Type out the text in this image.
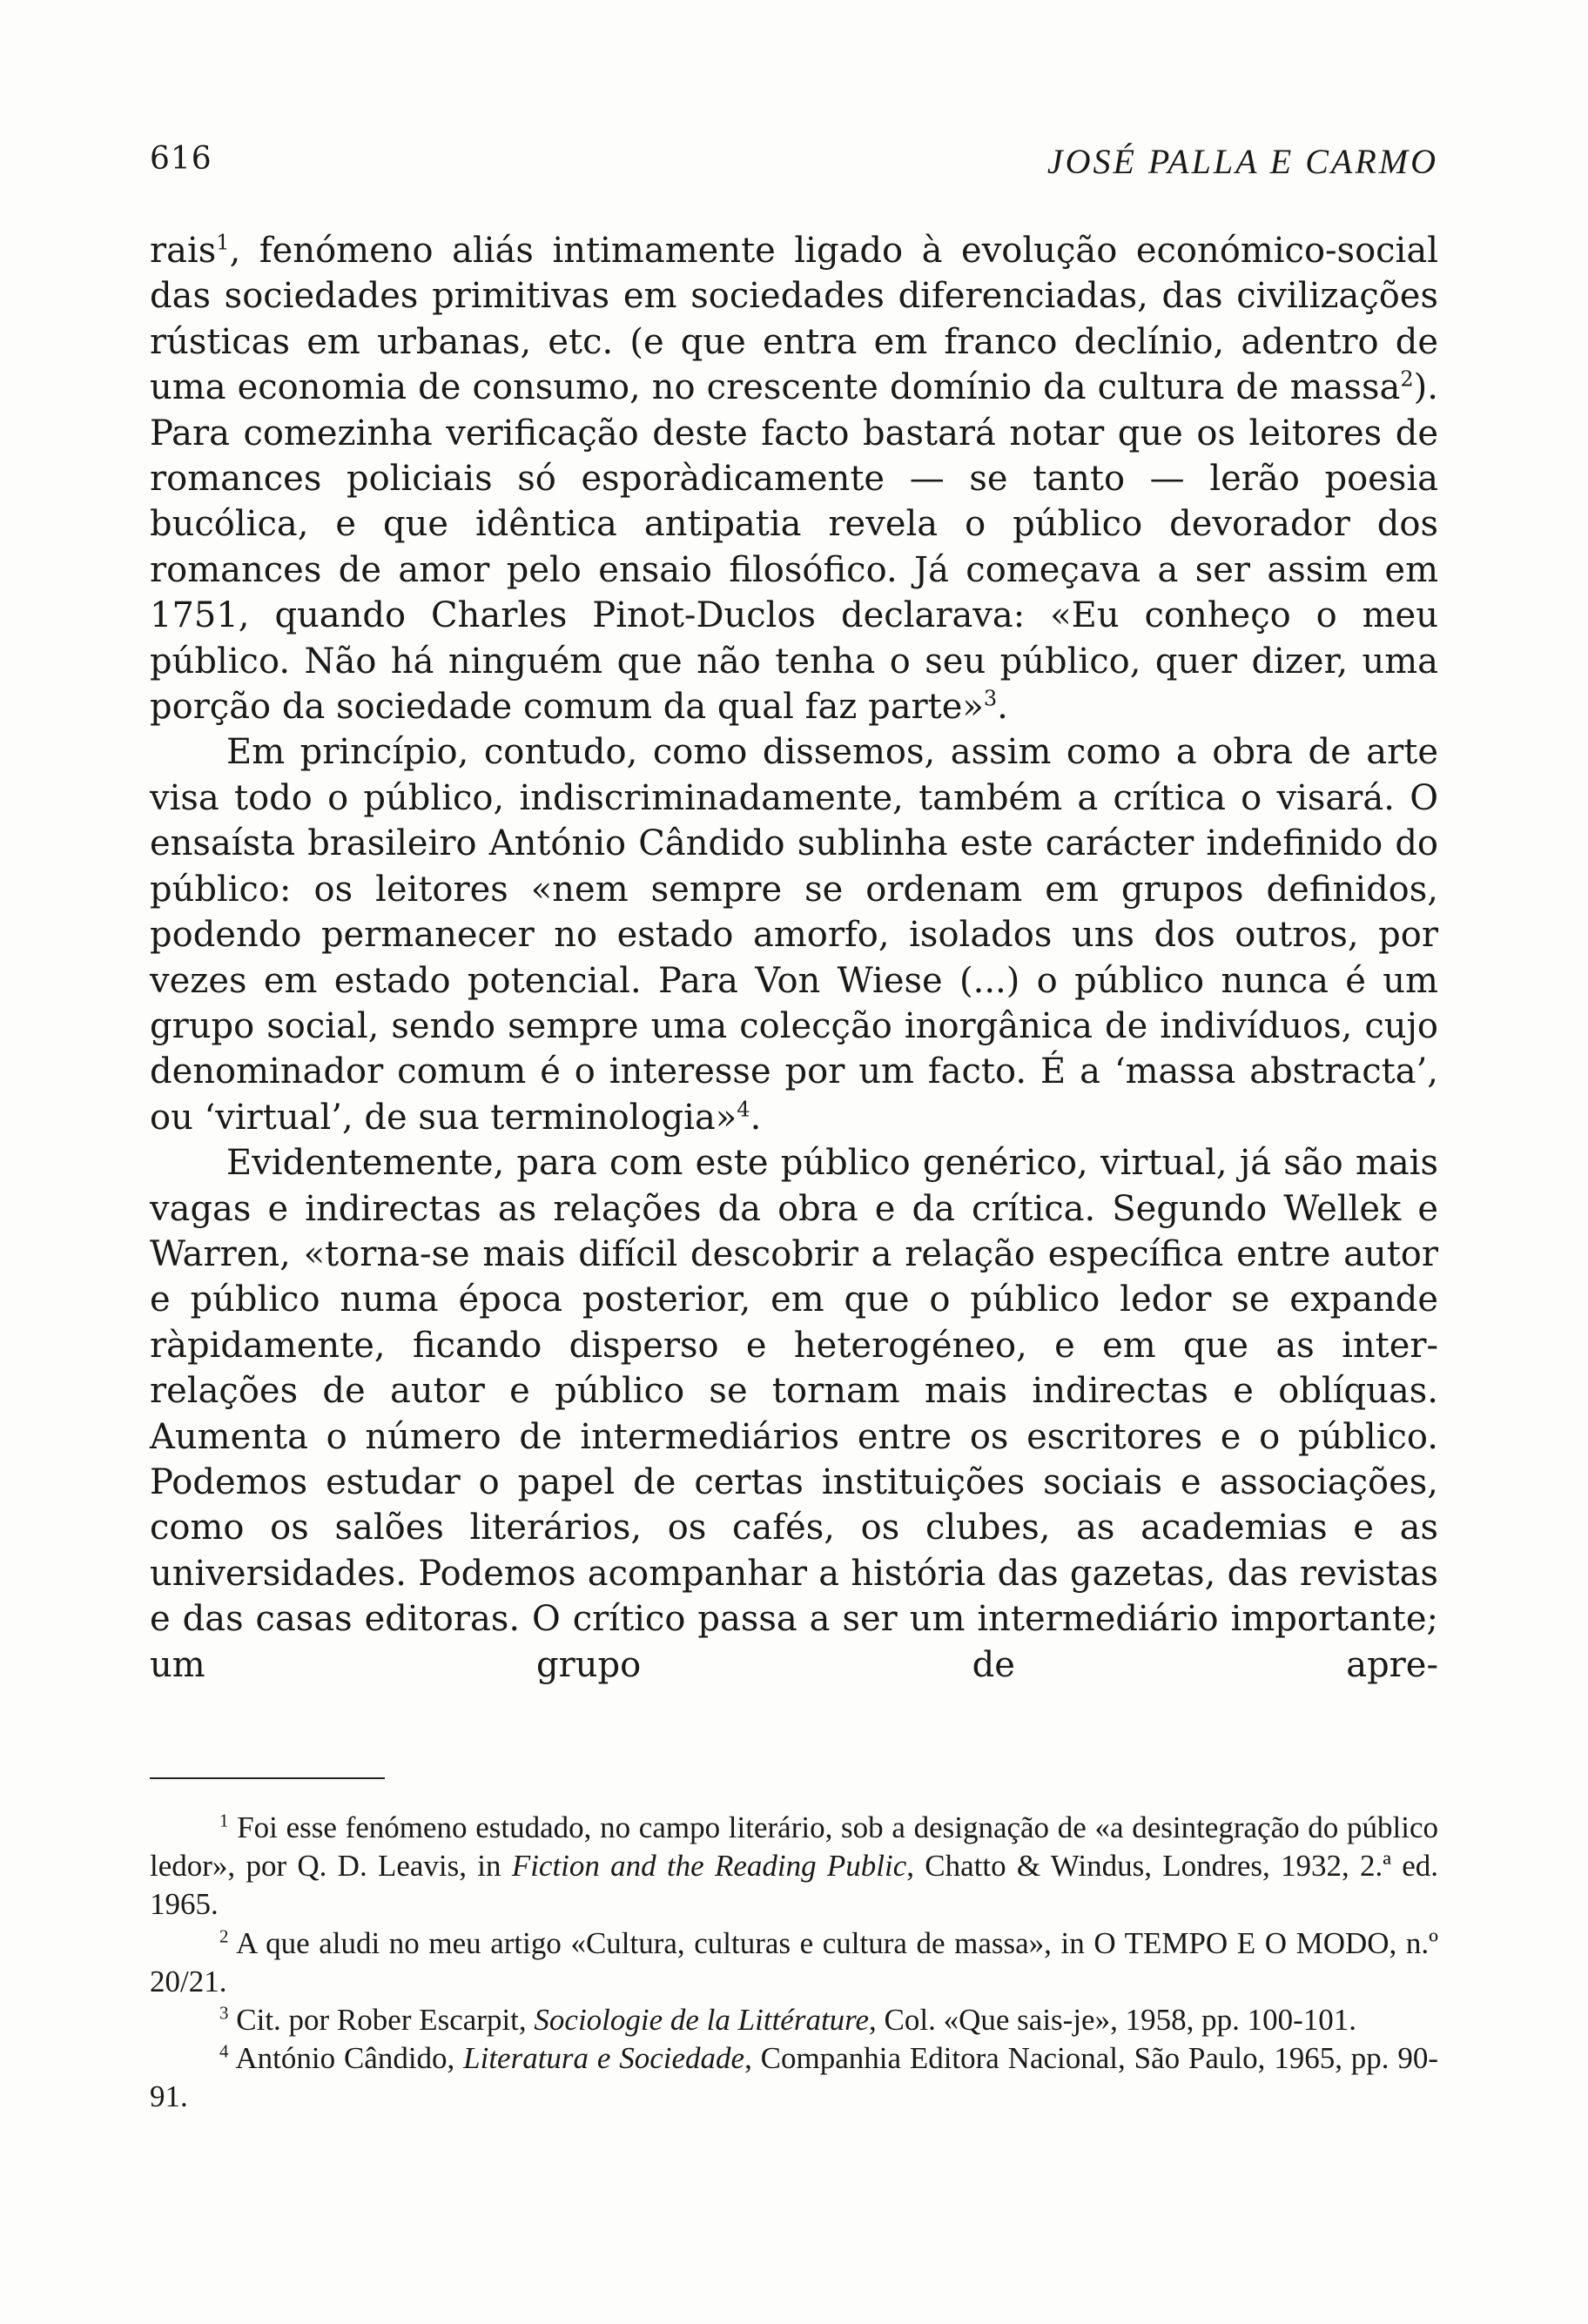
616	JOSÉ PALLA E CARMO

rais$^1$, fenómeno aliás intimamente ligado à evolução económico-social das sociedades primitivas em sociedades diferenciadas, das civilizações rústicas em urbanas, etc. (e que entra em franco declínio, adentro de uma economia de consumo, no crescente domínio da cultura de massa$^2$). Para comezinha verificação deste facto bastará notar que os leitores de romances policiais só esporàdicamente — se tanto — lerão poesia bucólica, e que idêntica antipatia revela o público devorador dos romances de amor pelo ensaio filosófico. Já começava a ser assim em 1751, quando Charles Pinot-Duclos declarava: «Eu conheço o meu público. Não há ninguém que não tenha o seu público, quer dizer, uma porção da sociedade comum da qual faz parte»$^3$.

Em princípio, contudo, como dissemos, assim como a obra de arte visa todo o público, indiscriminadamente, também a crítica o visará. O ensaísta brasileiro António Cândido sublinha este carácter indefinido do público: os leitores «nem sempre se ordenam em grupos definidos, podendo permanecer no estado amorfo, isolados uns dos outros, por vezes em estado potencial. Para Von Wiese (...) o público nunca é um grupo social, sendo sempre uma colecção inorgânica de indivíduos, cujo denominador comum é o interesse por um facto. É a ‘massa abstracta’, ou ‘virtual’, de sua terminologia»$^4$.

Evidentemente, para com este público genérico, virtual, já são mais vagas e indirectas as relações da obra e da crítica. Segundo Wellek e Warren, «torna-se mais difícil descobrir a relação específica entre autor e público numa época posterior, em que o público ledor se expande ràpidamente, ficando disperso e heterogéneo, e em que as inter-relações de autor e público se tornam mais indirectas e oblíquas. Aumenta o número de intermediários entre os escritores e o público. Podemos estudar o papel de certas instituições sociais e associações, como os salões literários, os cafés, os clubes, as academias e as universidades. Podemos acompanhar a história das gazetas, das revistas e das casas editoras. O crítico passa a ser um intermediário importante; um grupo de apre-

$^1$ Foi esse fenómeno estudado, no campo literário, sob a designação de «a desintegração do público ledor», por Q. D. Leavis, in Fiction and the Reading Public, Chatto & Windus, Londres, 1932, 2.ª ed. 1965.

$^2$ A que aludi no meu artigo «Cultura, culturas e cultura de massa», in O TEMPO E O MODO, n.º 20/21.

$^3$ Cit. por Rober Escarpit, Sociologie de la Littérature, Col. «Que sais-je», 1958, pp. 100-101.

$^4$ António Cândido, Literatura e Sociedade, Companhia Editora Nacional, São Paulo, 1965, pp. 90-91.
